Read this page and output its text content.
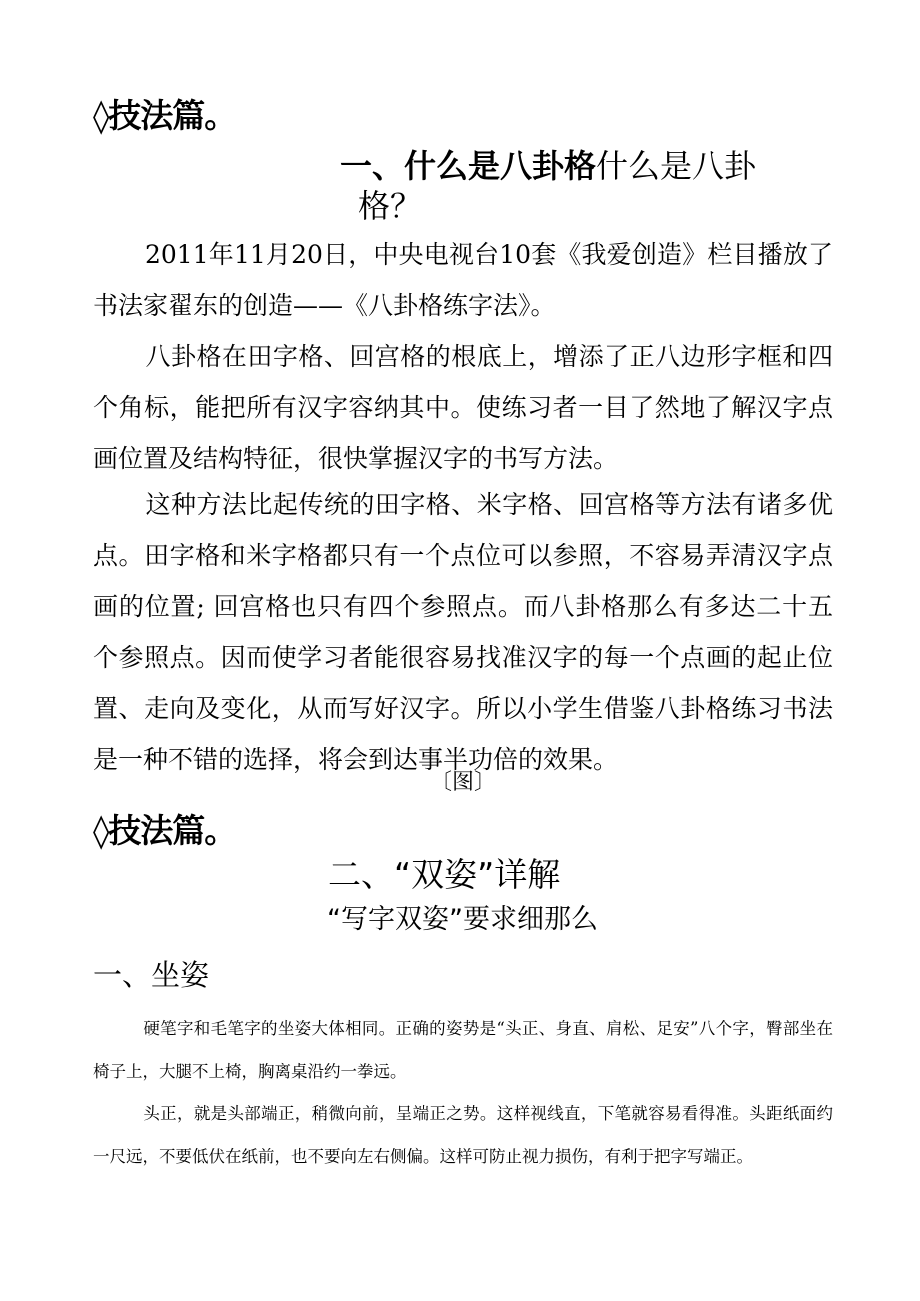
◊技法篇。
一、什么是八卦格什么是八卦
格？

2011年11月20日，中央电视台10套《我爱创造》栏目播放了书法家翟东的创造——《八卦格练字法》。

八卦格在田字格、回宫格的根底上，增添了正八边形字框和四个角标，能把所有汉字容纳其中。使练习者一目了然地了解汉字点画位置及结构特征，很快掌握汉字的书写方法。

这种方法比起传统的田字格、米字格、回宫格等方法有诸多优点。田字格和米字格都只有一个点位可以参照，不容易弄清汉字点画的位置; 回宫格也只有四个参照点。而八卦格那么有多达二十五个参照点。因而使学习者能很容易找准汉字的每一个点画的起止位置、走向及变化，从而写好汉字。所以小学生借鉴八卦格练习书法是一种不错的选择，将会到达事半功倍的效果。

〔图〕
◊技法篇。
二、“双姿”详解
“写字双姿”要求细那么
一、坐姿

硬笔字和毛笔字的坐姿大体相同。正确的姿势是“头正、身直、肩松、足安”八个字，臀部坐在椅子上，大腿不上椅，胸离桌沿约一拳远。

头正，就是头部端正，稍微向前，呈端正之势。这样视线直，下笔就容易看得准。头距纸面约一尺远，不要低伏在纸前，也不要向左右侧偏。这样可防止视力损伤，有利于把字写端正。
